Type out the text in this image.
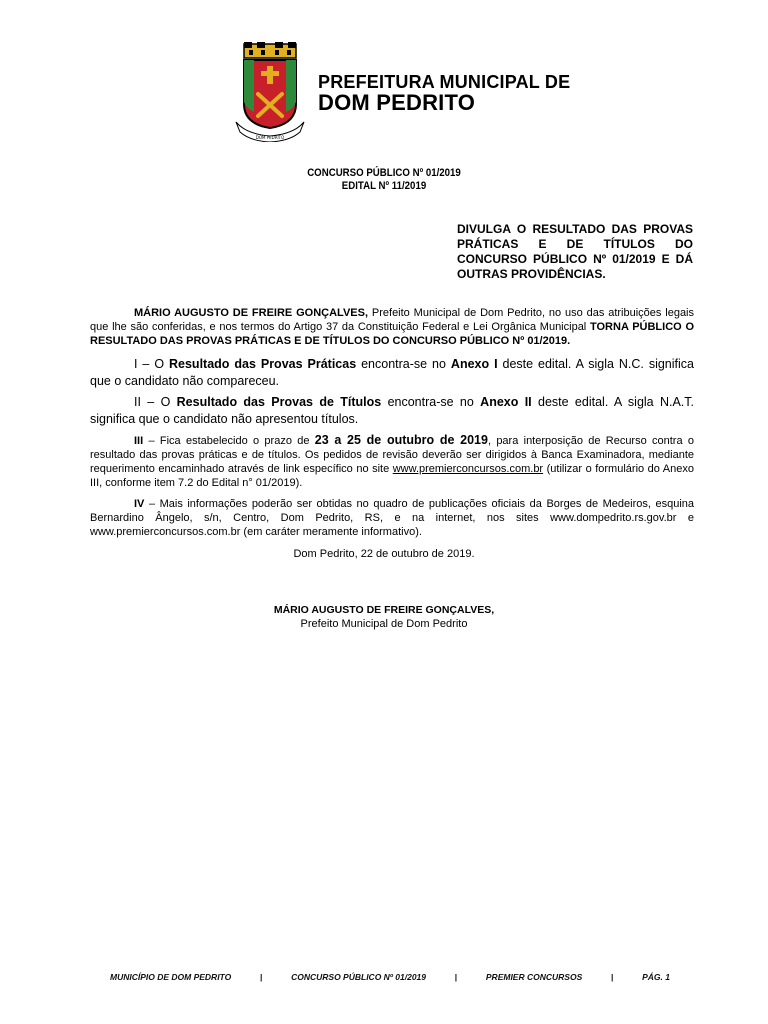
DOM PEDRITO
PREFEITURA MUNICIPAL DE
DOM PEDRITO
CONCURSO PÚBLICO Nº 01/2019
EDITAL Nº 11/2019
DIVULGA O RESULTADO DAS PROVAS PRÁTICAS E DE TÍTULOS DO CONCURSO PÚBLICO Nº 01/2019 E DÁ OUTRAS PROVIDÊNCIAS.
MÁRIO AUGUSTO DE FREIRE GONÇALVES, Prefeito Municipal de Dom Pedrito, no uso das atribuições legais que lhe são conferidas, e nos termos do Artigo 37 da Constituição Federal e Lei Orgânica Municipal TORNA PÚBLICO O RESULTADO DAS PROVAS PRÁTICAS E DE TÍTULOS DO CONCURSO PÚBLICO Nº 01/2019.
I – O Resultado das Provas Práticas encontra-se no Anexo I deste edital. A sigla N.C. significa que o candidato não compareceu.
II – O Resultado das Provas de Títulos encontra-se no Anexo II deste edital. A sigla N.A.T. significa que o candidato não apresentou títulos.
III – Fica estabelecido o prazo de 23 a 25 de outubro de 2019, para interposição de Recurso contra o resultado das provas práticas e de títulos. Os pedidos de revisão deverão ser dirigidos à Banca Examinadora, mediante requerimento encaminhado através de link específico no site www.premierconcursos.com.br (utilizar o formulário do Anexo III, conforme item 7.2 do Edital n° 01/2019).
IV – Mais informações poderão ser obtidas no quadro de publicações oficiais da Borges de Medeiros, esquina Bernardino Ângelo, s/n, Centro, Dom Pedrito, RS, e na internet, nos sites www.dompedrito.rs.gov.br e www.premierconcursos.com.br (em caráter meramente informativo).
Dom Pedrito, 22 de outubro de 2019.
MÁRIO AUGUSTO DE FREIRE GONÇALVES,
Prefeito Municipal de Dom Pedrito
MUNICÍPIO DE DOM PEDRITO	|	CONCURSO PÚBLICO Nº 01/2019	|	PREMIER CONCURSOS	|	PÁG. 1
